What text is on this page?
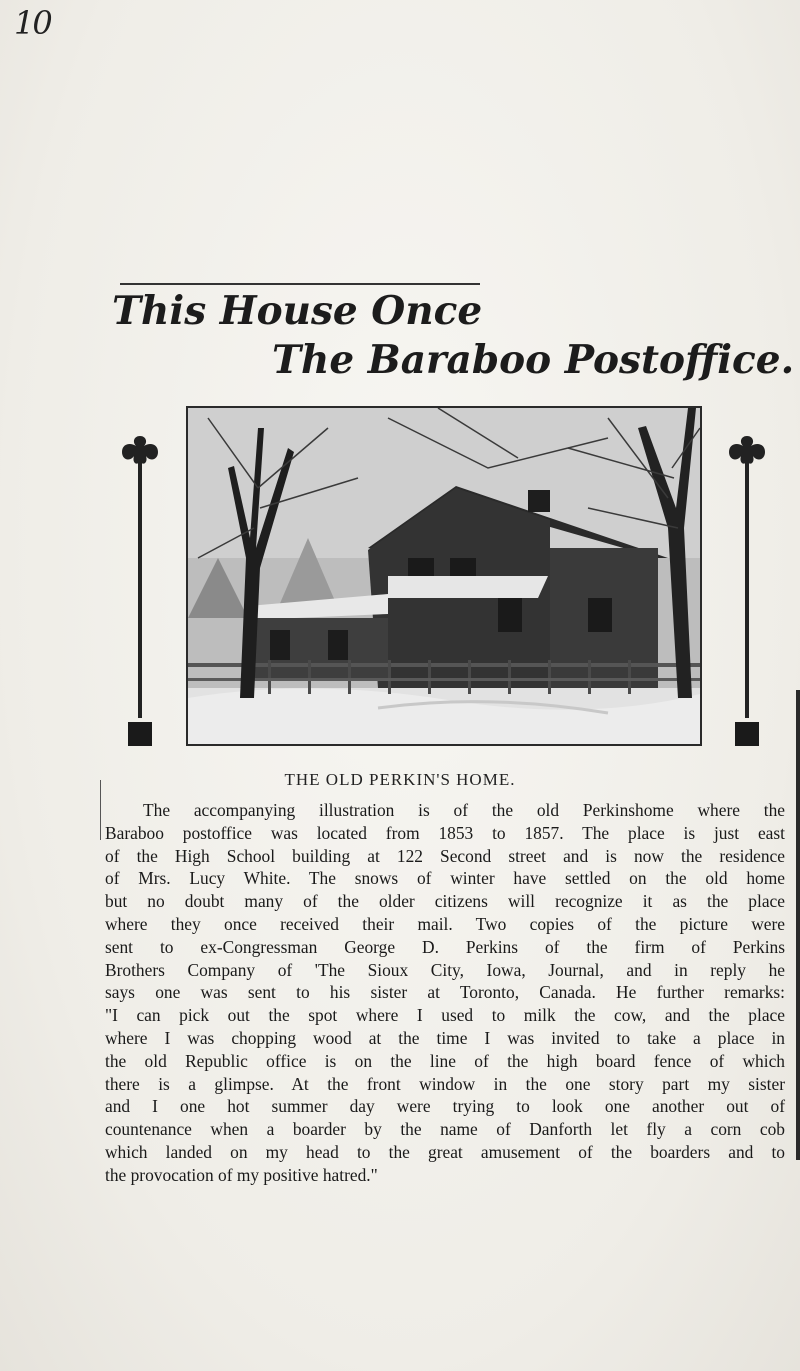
10
This House Once
The Baraboo Postoffice.
THE OLD PERKIN'S HOME.
The accompanying illustration is of the old Perkinshome where the
Baraboo postoffice was located from 1853 to 1857. The place is just east
of the High School building at 122 Second street and is now the residence
of Mrs. Lucy White. The snows of winter have settled on the old home
but no doubt many of the older citizens will recognize it as the place
where they once received their mail. Two copies of the picture were
sent to ex-Congressman George D. Perkins of the firm of Perkins
Brothers Company of 'The Sioux City, Iowa, Journal, and in reply he
says one was sent to his sister at Toronto, Canada. He further remarks:
"I can pick out the spot where I used to milk the cow, and the place
where I was chopping wood at the time I was invited to take a place in
the old Republic office is on the line of the high board fence of which
there is a glimpse. At the front window in the one story part my sister
and I one hot summer day were trying to look one another out of
countenance when a boarder by the name of Danforth let fly a corn cob
which landed on my head to the great amusement of the boarders and to
the provocation of my positive hatred."
